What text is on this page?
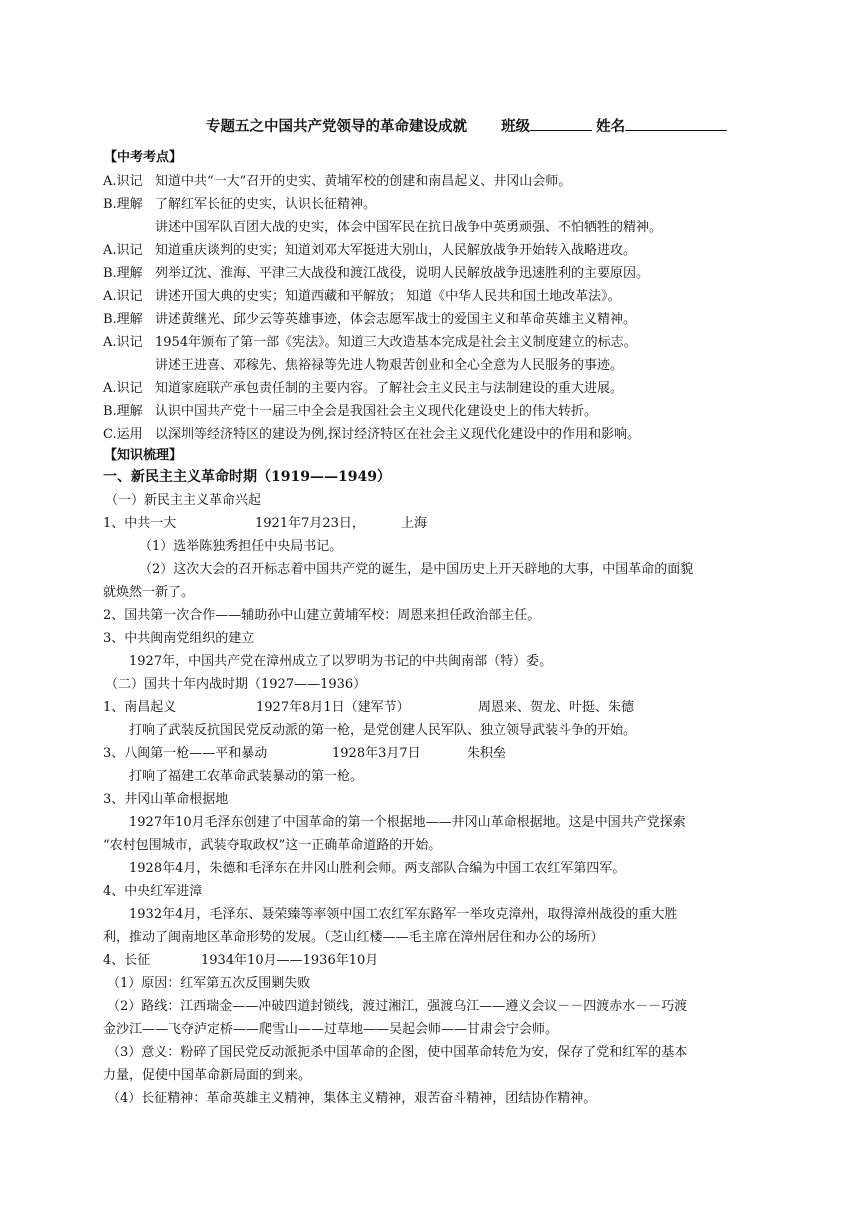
专题五之中国共产党领导的革命建设成就 班级	姓名
【中考考点】
A.识记 知道中共“一大”召开的史实、黄埔军校的创建和南昌起义、井冈山会师。
B.理解 了解红军长征的史实，认识长征精神。
讲述中国军队百团大战的史实，体会中国军民在抗日战争中英勇顽强、不怕牺牲的精神。
A.识记 知道重庆谈判的史实；知道刘邓大军挺进大别山，人民解放战争开始转入战略进攻。
B.理解 列举辽沈、淮海、平津三大战役和渡江战役，说明人民解放战争迅速胜利的主要原因。
A.识记 讲述开国大典的史实；知道西藏和平解放； 知道《中华人民共和国土地改革法》。
B.理解 讲述黄继光、邱少云等英雄事迹，体会志愿军战士的爱国主义和革命英雄主义精神。
A.识记 1954年颁布了第一部《宪法》。知道三大改造基本完成是社会主义制度建立的标志。
讲述王进喜、邓稼先、焦裕禄等先进人物艰苦创业和全心全意为人民服务的事迹。
A.识记 知道家庭联产承包责任制的主要内容。了解社会主义民主与法制建设的重大进展。
B.理解 认识中国共产党十一届三中全会是我国社会主义现代化建设史上的伟大转折。
C.运用 以深圳等经济特区的建设为例,探讨经济特区在社会主义现代化建设中的作用和影响。
【知识梳理】
一、新民主主义革命时期（1919——1949）
（一）新民主主义革命兴起
1、中共一大	1921年7月23日，	上海
（1）选举陈独秀担任中央局书记。
（2）这次大会的召开标志着中国共产党的诞生，是中国历史上开天辟地的大事，中国革命的面貌
就焕然一新了。
2、国共第一次合作——辅助孙中山建立黄埔军校：周恩来担任政治部主任。
3、中共闽南党组织的建立
1927年，中国共产党在漳州成立了以罗明为书记的中共闽南部（特）委。
（二）国共十年内战时期（1927——1936）
1、南昌起义	1927年8月1日（建军节）	周恩来、贺龙、叶挺、朱德
打响了武装反抗国民党反动派的第一枪，是党创建人民军队、独立领导武装斗争的开始。
3、八闽第一枪——平和暴动	1928年3月7日	朱积垒
打响了福建工农革命武装暴动的第一枪。
3、井冈山革命根据地
1927年10月毛泽东创建了中国革命的第一个根据地——井冈山革命根据地。这是中国共产党探索
“农村包围城市，武装夺取政权”这一正确革命道路的开始。
1928年4月，朱德和毛泽东在井冈山胜利会师。两支部队合编为中国工农红军第四军。
4、中央红军进漳
1932年4月，毛泽东、聂荣臻等率领中国工农红军东路军一举攻克漳州，取得漳州战役的重大胜
利，推动了闽南地区革命形势的发展。（芝山红楼——毛主席在漳州居住和办公的场所）
4、长征	1934年10月——1936年10月
（1）原因：红军第五次反围剿失败
（2）路线：江西瑞金——冲破四道封锁线，渡过湘江，强渡乌江——遵义会议－－四渡赤水－－巧渡
金沙江——飞夺泸定桥——爬雪山——过草地——吴起会师——甘肃会宁会师。
（3）意义：粉碎了国民党反动派扼杀中国革命的企图，使中国革命转危为安，保存了党和红军的基本
力量，促使中国革命新局面的到来。
（4）长征精神：革命英雄主义精神，集体主义精神，艰苦奋斗精神，团结协作精神。
